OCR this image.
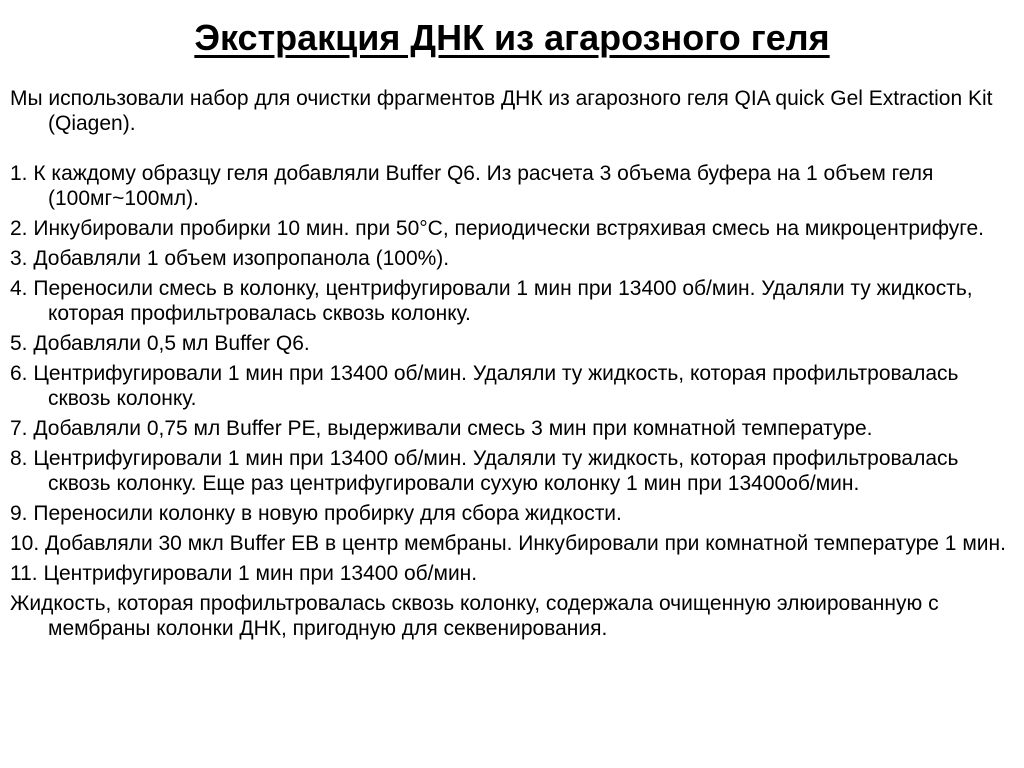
Экстракция ДНК из агарозного геля

Мы использовали набор для очистки фрагментов ДНК из агарозного геля QIA quick Gel Extraction Kit (Qiagen).

1. К каждому образцу геля добавляли Buffer Q6. Из расчета 3 объема буфера на 1 объем геля (100мг~100мл).

2. Инкубировали пробирки 10 мин. при 50°С, периодически встряхивая смесь на микроцентрифуге.

3. Добавляли 1 объем изопропанола (100%).

4. Переносили смесь в колонку, центрифугировали 1 мин при 13400 об/мин. Удаляли ту жидкость, которая профильтровалась сквозь колонку.

5. Добавляли 0,5 мл Buffer Q6.

6. Центрифугировали 1 мин при 13400 об/мин. Удаляли ту жидкость, которая профильтровалась сквозь колонку.

7. Добавляли 0,75 мл Buffer PE, выдерживали смесь 3 мин при комнатной температуре.

8. Центрифугировали 1 мин при 13400 об/мин. Удаляли ту жидкость, которая профильтровалась сквозь колонку. Еще раз центрифугировали сухую колонку 1 мин при 13400об/мин.

9. Переносили колонку в новую пробирку для сбора жидкости.

10. Добавляли 30 мкл Buffer EB в центр мембраны. Инкубировали при комнатной температуре 1 мин.

11. Центрифугировали 1 мин при 13400 об/мин.

Жидкость, которая профильтровалась сквозь колонку, содержала очищенную элюированную с мембраны колонки ДНК, пригодную для секвенирования.
